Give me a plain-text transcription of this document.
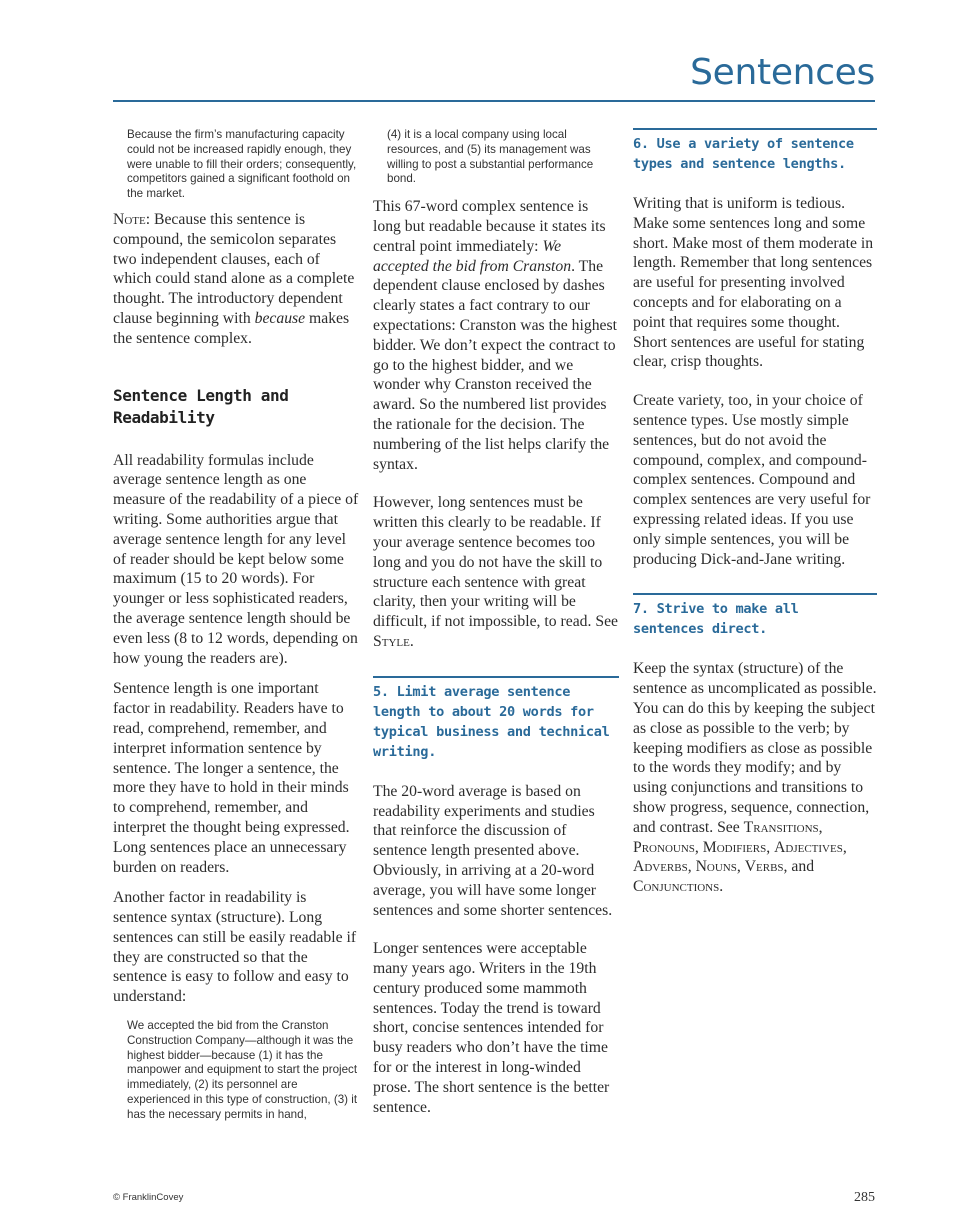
Sentences

Because the firm’s manufacturing capacity could not be increased rapidly enough, they were unable to fill their orders; consequently, competitors gained a significant foothold on the market.

Note: Because this sentence is compound, the semicolon separates two independent clauses, each of which could stand alone as a complete thought. The introductory dependent clause beginning with because makes the sentence complex.

Sentence Length and Readability

All readability formulas include average sentence length as one measure of the readability of a piece of writing. Some authorities argue that average sentence length for any level of reader should be kept below some maximum (15 to 20 words). For younger or less sophisticated readers, the average sentence length should be even less (8 to 12 words, depending on how young the readers are).

Sentence length is one important factor in readability. Readers have to read, comprehend, remember, and interpret information sentence by sentence. The longer a sentence, the more they have to hold in their minds to comprehend, remember, and interpret the thought being expressed. Long sentences place an unnecessary burden on readers.

Another factor in readability is sentence syntax (structure). Long sentences can still be easily readable if they are constructed so that the sentence is easy to follow and easy to understand:

We accepted the bid from the Cranston Construction Company—although it was the highest bidder—because (1) it has the manpower and equipment to start the project immediately, (2) its personnel are experienced in this type of construction, (3) it has the necessary permits in hand,

(4) it is a local company using local resources, and (5) its management was willing to post a substantial performance bond.

This 67-word complex sentence is long but readable because it states its central point immediately: We accepted the bid from Cranston. The dependent clause enclosed by dashes clearly states a fact contrary to our expectations: Cranston was the highest bidder. We don’t expect the contract to go to the highest bidder, and we wonder why Cranston received the award. So the numbered list provides the rationale for the decision. The numbering of the list helps clarify the syntax.

However, long sentences must be written this clearly to be readable. If your average sentence becomes too long and you do not have the skill to structure each sentence with great clarity, then your writing will be difficult, if not impossible, to read. See Style.

5. Limit average sentence length to about 20 words for typical business and technical writing.

The 20-word average is based on readability experiments and studies that reinforce the discussion of sentence length presented above. Obviously, in arriving at a 20-word average, you will have some longer sentences and some shorter sentences.

Longer sentences were acceptable many years ago. Writers in the 19th century produced some mammoth sentences. Today the trend is toward short, concise sentences intended for busy readers who don’t have the time for or the interest in long-winded prose. The short sentence is the better sentence.

6. Use a variety of sentence types and sentence lengths.

Writing that is uniform is tedious. Make some sentences long and some short. Make most of them moderate in length. Remember that long sentences are useful for presenting involved concepts and for elaborating on a point that requires some thought. Short sentences are useful for stating clear, crisp thoughts.

Create variety, too, in your choice of sentence types. Use mostly simple sentences, but do not avoid the compound, complex, and compound-complex sentences. Compound and complex sentences are very useful for expressing related ideas. If you use only simple sentences, you will be producing Dick-and-Jane writing.

7. Strive to make all sentences direct.

Keep the syntax (structure) of the sentence as uncomplicated as possible. You can do this by keeping the subject as close as possible to the verb; by keeping modifiers as close as possible to the words they modify; and by using conjunctions and transitions to show progress, sequence, connection, and contrast. See Transitions, Pronouns, Modifiers, Adjectives, Adverbs, Nouns, Verbs, and Conjunctions.

© FranklinCovey	285
